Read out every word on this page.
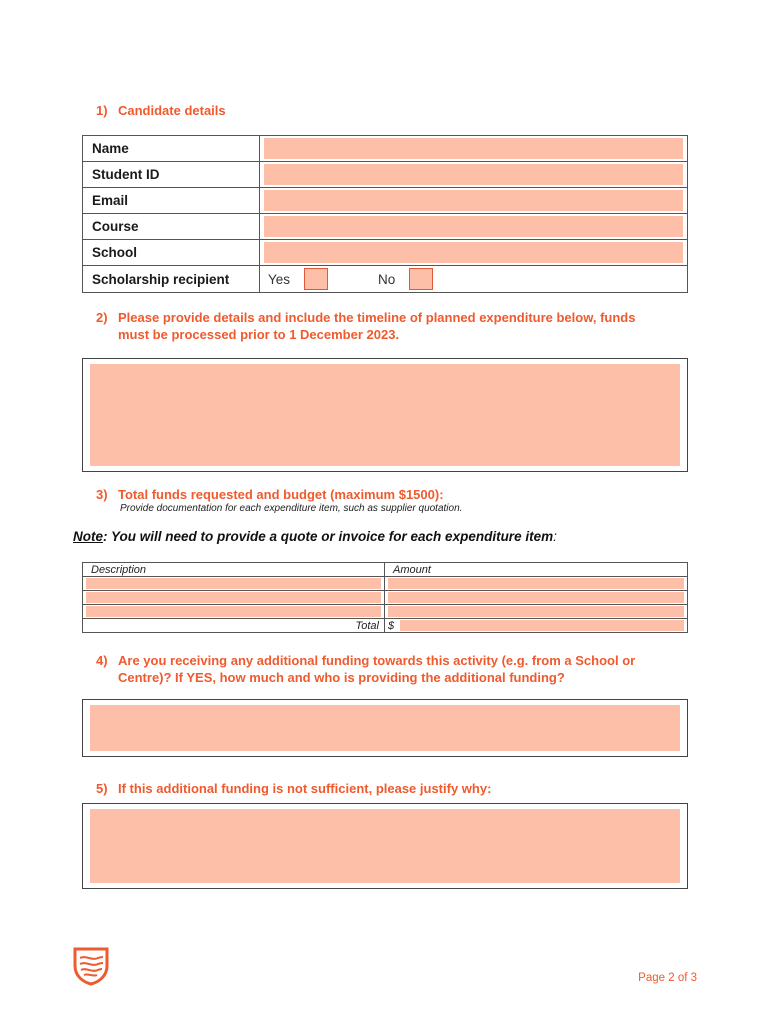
1) Candidate details
Name	

Student ID	

Email	

Course	

School	

Scholarship recipient	Yes No
2) Please provide details and include the timeline of planned expenditure below, funds
must be processed prior to 1 December 2023.
3) Total funds requested and budget (maximum $1500):
Provide documentation for each expenditure item, such as supplier quotation.
Note: You will need to provide a quote or invoice for each expenditure item:
Description	Amount

Total	$
4) Are you receiving any additional funding towards this activity (e.g. from a School or
Centre)? If YES, how much and who is providing the additional funding?
5) If this additional funding is not sufficient, please justify why:
Page 2 of 3
